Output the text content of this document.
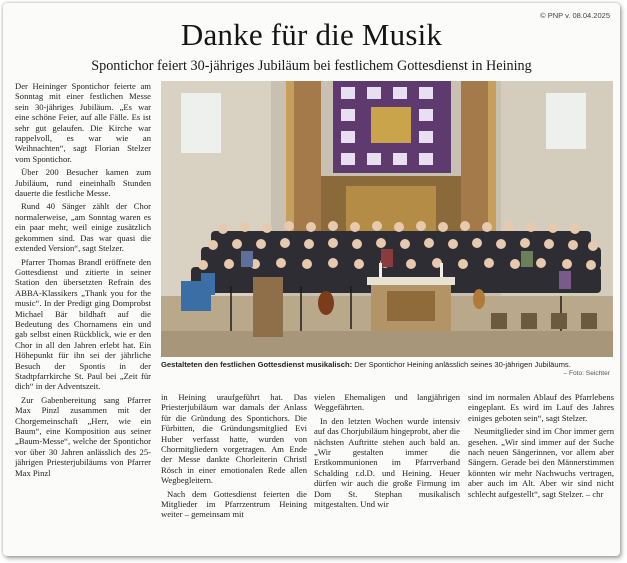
© PNP v. 08.04.2025
Danke für die Musik
Spontichor feiert 30-jähriges Jubiläum bei festlichem Gottesdienst in Heining

Der Heininger Spontichor feierte am Sonntag mit einer festlichen Messe sein 30-jähriges Jubiläum. „Es war eine schöne Feier, auf alle Fälle. Es ist sehr gut gelaufen. Die Kirche war rappelvoll, es war wie an Weihnachten“, sagt Florian Stelzer vom Spontichor.

Über 200 Besucher kamen zum Jubiläum, rund eineinhalb Stunden dauerte die festliche Messe.

Rund 40 Sänger zählt der Chor normalerweise, „am Sonntag waren es ein paar mehr, weil einige zusätzlich gekommen sind. Das war quasi die extended Version“, sagt Stelzer.

Pfarrer Thomas Brandl eröffnete den Gottesdienst und zitierte in seiner Station den übersetzten Refrain des ABBA-Klassikers „Thank you for the music“. In der Predigt ging Domprobst Michael Bär bildhaft auf die Bedeutung des Chornamens ein und gab selbst einen Rückblick, wie er den Chor in all den Jahren erlebt hat. Ein Höhepunkt für ihn sei der jährliche Besuch der Spontis in der Stadtpfarrkirche St. Paul bei „Zeit für dich“ in der Adventszeit.

Zur Gabenbereitung sang Pfarrer Max Pinzl zusammen mit der Chorgemeinschaft „Herr, wie ein Baum“, eine Komposition aus seiner „Baum-Messe“, welche der Spontichor vor über 30 Jahren anlässlich des 25-jährigen Priesterjubiläums von Pfarrer Max Pinzl

Gestalteten den festlichen Gottesdienst musikalisch: Der Spontichor Heining anlässlich seines 30-jährigen Jubiläums.
– Foto: Seichter

in Heining uraufgeführt hat. Das Priesterjubiläum war damals der Anlass für die Gründung des Spontichors. Die Fürbitten, die Gründungsmitglied Evi Huber verfasst hatte, wurden von Chormitgliedern vorgetragen. Am Ende der Messe dankte Chorleiterin Christl Rösch in einer emotionalen Rede allen Wegbegleitern.

Nach dem Gottesdienst feierten die Mitglieder im Pfarrzentrum Heining weiter – gemeinsam mit

vielen Ehemaligen und langjährigen Weggefährten.

In den letzten Wochen wurde intensiv auf das Chorjubiläum hingeprobt, aber die nächsten Auftritte stehen auch bald an. „Wir gestalten immer die Erstkommunionen im Pfarrverband Schalding r.d.D. und Heining. Heuer dürfen wir auch die große Firmung im Dom St. Stephan musikalisch mitgestalten. Und wir

sind im normalen Ablauf des Pfarrlebens eingeplant. Es wird im Lauf des Jahres einiges geboten sein“, sagt Stelzer.

Neumitglieder sind im Chor immer gern gesehen. „Wir sind immer auf der Suche nach neuen Sängerinnen, vor allem aber Sängern. Gerade bei den Männerstimmen könnten wir mehr Nachwuchs vertragen, aber auch im Alt. Aber wir sind nicht schlecht aufgestellt“, sagt Stelzer. – chr
